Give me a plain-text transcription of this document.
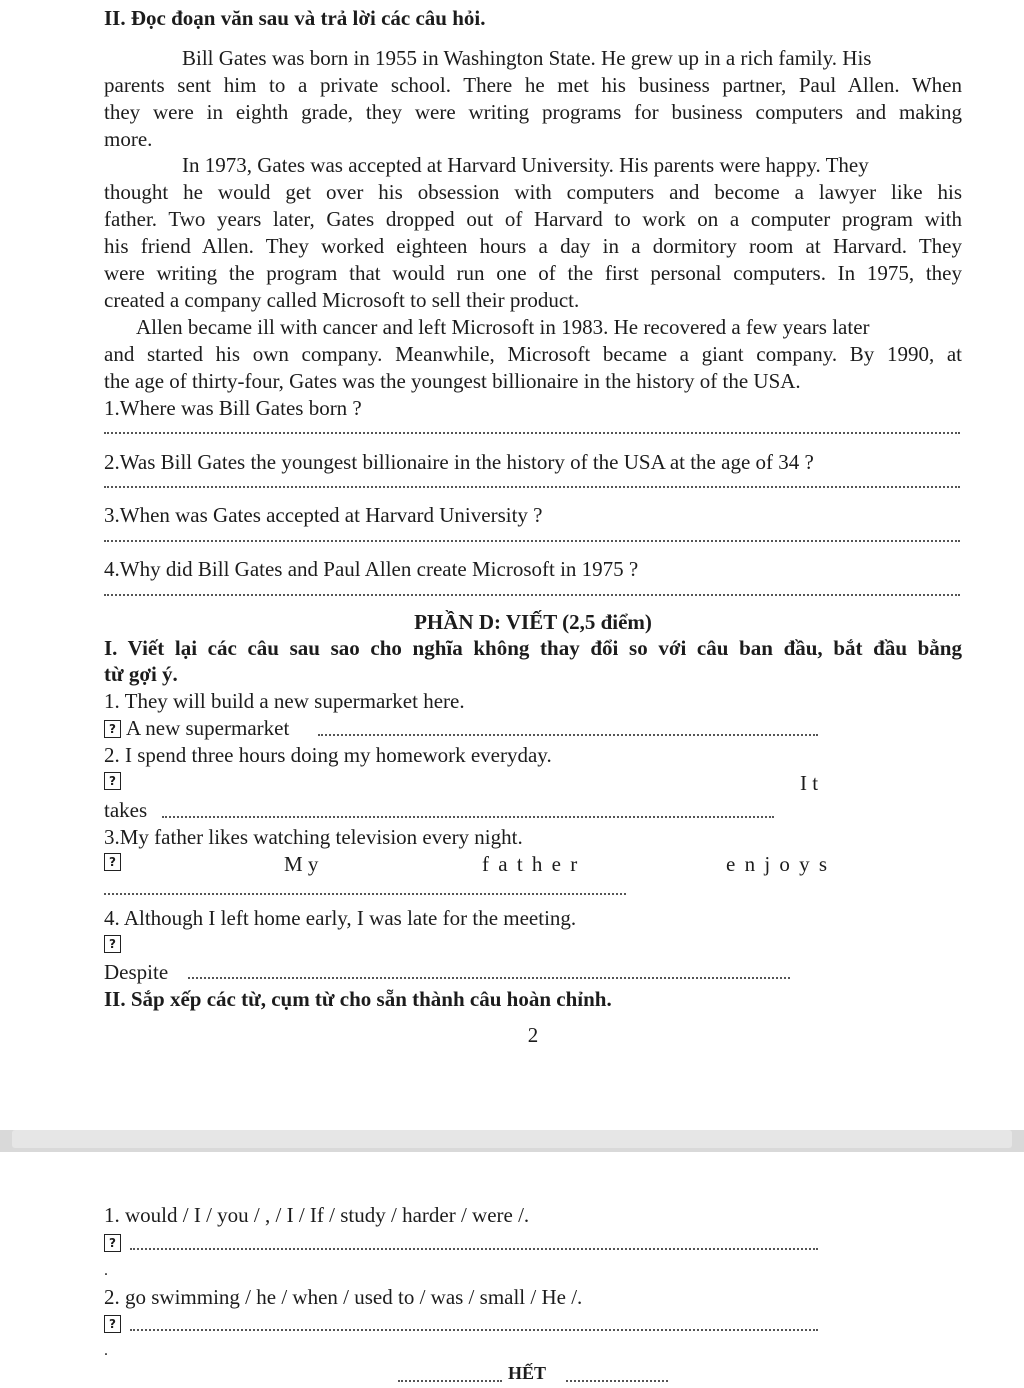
II. Đọc đoạn văn sau và trả lời các câu hỏi.
Bill Gates was born in 1955 in Washington State. He grew up in a rich family. His
parents sent him to a private school. There he met his business partner, Paul Allen. When
they were in eighth grade, they were writing programs for business computers and making
more.
In 1973, Gates was accepted at Harvard University. His parents were happy. They
thought he would get over his obsession with computers and become a lawyer like his
father. Two years later, Gates dropped out of Harvard to work on a computer program with
his friend Allen. They worked eighteen hours a day in a dormitory room at Harvard. They
were writing the program that would run one of the first personal computers. In 1975, they
created a company called Microsoft to sell their product.
Allen became ill with cancer and left Microsoft in 1983. He recovered a few years later
and started his own company. Meanwhile, Microsoft became a giant company. By 1990, at
the age of thirty-four, Gates was the youngest billionaire in the history of the USA.
1.Where was Bill Gates born ?
2.Was Bill Gates the youngest billionaire in the history of the USA at the age of 34 ?
3.When was Gates accepted at Harvard University ?
4.Why did Bill Gates and Paul Allen create Microsoft in 1975 ?
PHẦN D: VIẾT (2,5 điểm)
I. Viết lại các câu sau sao cho nghĩa không thay đổi so với câu ban đầu, bắt đầu bằng
từ gợi ý.
1. They will build a new supermarket here.
? A new supermarket
2. I spend three hours doing my homework everyday.
?	I t
takes
3.My father likes watching television every night.
?	M y	f a t h e r	e n j o y s
4. Although I left home early, I was late for the meeting.
?
Despite
II. Sắp xếp các từ, cụm từ cho sẵn thành câu hoàn chỉnh.
2
1. would / I / you / , / I / If / study / harder / were /.
?
.
2. go swimming / he / when / used to / was / small / He /.
?
.
HẾT
